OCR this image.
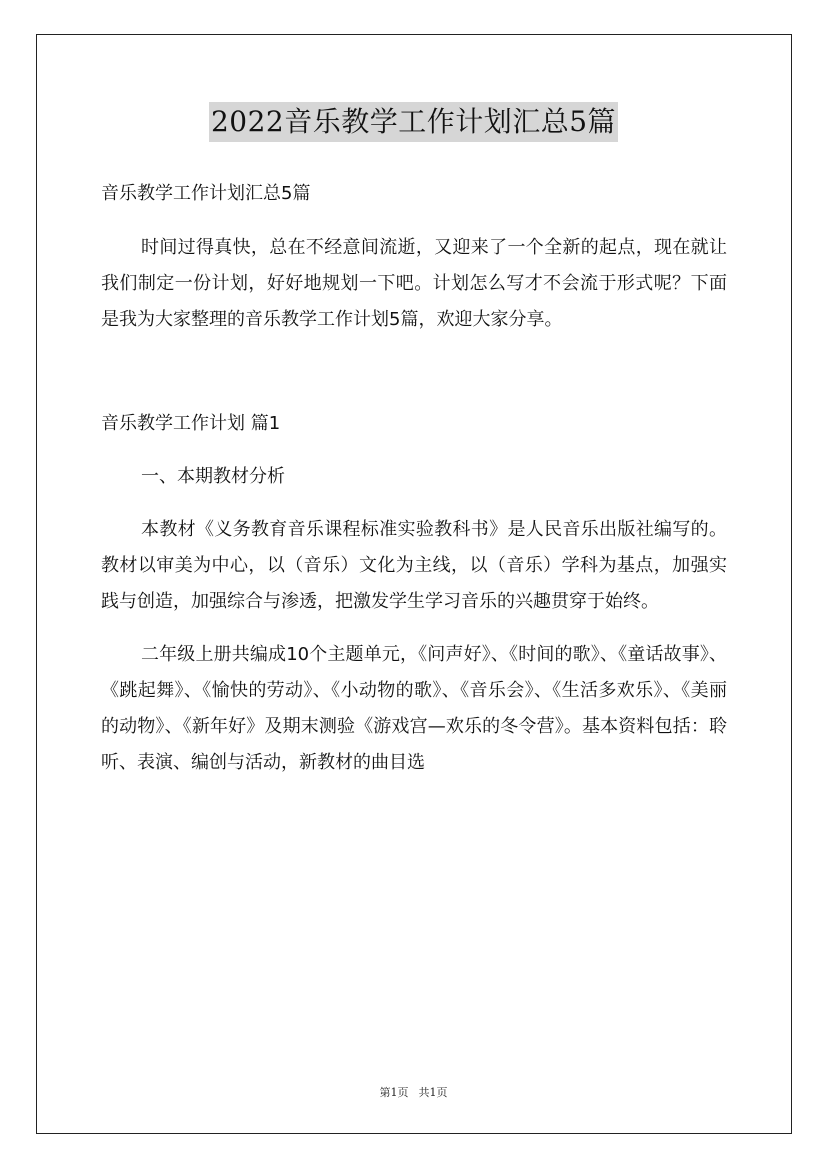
2022音乐教学工作计划汇总5篇

音乐教学工作计划汇总5篇

时间过得真快，总在不经意间流逝，又迎来了一个全新的起点，现在就让我们制定一份计划，好好地规划一下吧。计划怎么写才不会流于形式呢？下面是我为大家整理的音乐教学工作计划5篇，欢迎大家分享。

音乐教学工作计划 篇1

一、本期教材分析

本教材《义务教育音乐课程标准实验教科书》是人民音乐出版社编写的。教材以审美为中心，以（音乐）文化为主线，以（音乐）学科为基点，加强实践与创造，加强综合与渗透，把激发学生学习音乐的兴趣贯穿于始终。

二年级上册共编成10个主题单元，《问声好》、《时间的歌》、《童话故事》、《跳起舞》、《愉快的劳动》、《小动物的歌》、《音乐会》、《生活多欢乐》、《美丽的动物》、《新年好》及期末测验《游戏宫—欢乐的冬令营》。基本资料包括：聆听、表演、编创与活动，新教材的曲目选

第1页 共1页
